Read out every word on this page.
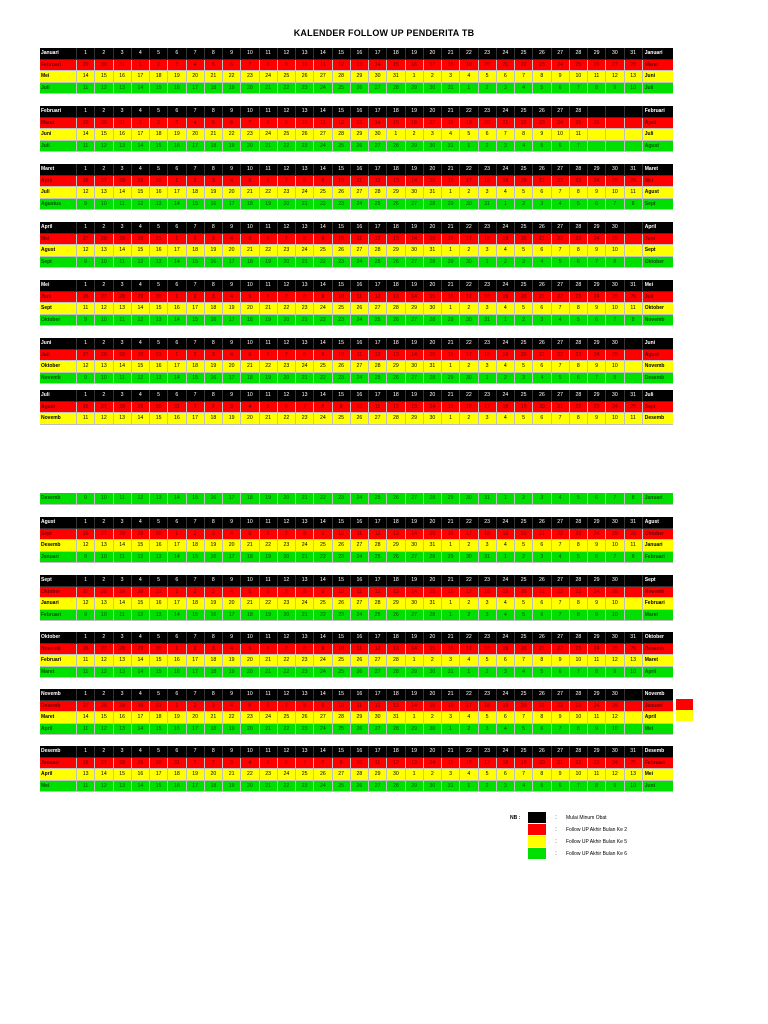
KALENDER FOLLOW UP PENDERITA TB
Januari	1	2	3	4	5	6	7	8	9	10	11	12	13	14	15	16	17	18	19	20	21	22	23	24	25	26	27	28	29	30	31	Januari
Februari	29	30	31	1	2	3	4	5	6	7	8	9	10	11	12	13	14	15	16	17	18	19	20	21	22	23	24	25	26	27	28	Maret
Mei	14	15	16	17	18	19	20	21	22	23	24	25	26	27	28	29	30	31	1	2	3	4	5	6	7	8	9	10	11	12	13	Juni
Juli	11	12	13	14	15	16	17	18	19	20	21	22	23	24	25	26	27	28	29	30	31	1	2	3	4	5	6	7	8	9	10	Juli
Februari	1	2	3	4	5	6	7	8	9	10	11	12	13	14	15	16	17	18	19	20	21	22	23	24	25	26	27	28	Februari
Maret	29	30	31	1	2	3	4	5	6	7	8	9	10	11	12	13	14	15	16	17	18	19	20	21	22	23	24	25	26	April
Juni	14	15	16	17	18	19	20	21	22	23	24	25	26	27	28	29	30	1	2	3	4	5	6	7	8	9	10	11	Juli
Juli	11	12	13	14	15	16	17	18	19	20	21	22	23	24	25	26	27	28	29	30	31	1	2	3	4	5	6	7	Agust
Maret	1	2	3	4	5	6	7	8	9	10	11	12	13	14	15	16	17	18	19	20	21	22	23	24	25	26	27	28	29	30	31	Maret
April	26	27	28	29	30	1	2	3	4	5	6	7	8	9	10	11	12	13	14	15	16	17	18	19	20	21	22	23	24	25	26	Mei
Juli	12	13	14	15	16	17	18	19	20	21	22	23	24	25	26	27	28	29	30	31	1	2	3	4	5	6	7	8	9	10	11	Agust
Agustus	9	10	11	12	13	14	15	16	17	18	19	20	21	22	23	24	25	26	27	28	29	30	31	1	2	3	4	5	6	7	8	Sept
April	1	2	3	4	5	6	7	8	9	10	11	12	13	14	15	16	17	18	19	20	21	22	23	24	25	26	27	28	29	30	April
Mei	27	28	29	30	31	1	2	3	4	5	6	7	8	9	10	11	12	13	14	15	16	17	18	19	20	21	22	23	24	25	Juni
Agust	12	13	14	15	16	17	18	19	20	21	22	23	24	25	26	27	28	29	30	31	1	2	3	4	5	6	7	8	9	10	Sept
Sept	9	10	11	12	13	14	15	16	17	18	19	20	21	22	23	24	25	26	27	28	29	30	1	2	3	4	5	6	7	8	Oktober
Mei	1	2	3	4	5	6	7	8	9	10	11	12	13	14	15	16	17	18	19	20	21	22	23	24	25	26	27	28	29	30	31	Mei
Juni	26	27	28	29	30	1	2	3	4	5	6	7	8	9	10	11	12	13	14	15	16	17	18	19	20	21	22	23	24	25	26	Juli
Sept	11	12	13	14	15	16	17	18	19	20	21	22	23	24	25	26	27	28	29	30	1	2	3	4	5	6	7	8	9	10	11	Oktober
Oktober	9	10	11	12	13	14	15	16	17	18	19	20	21	22	23	24	25	26	27	28	29	30	31	1	2	3	4	5	6	7	8	Novemb
Juni	1	2	3	4	5	6	7	8	9	10	11	12	13	14	15	16	17	18	19	20	21	22	23	24	25	26	27	28	29	30	Juni
Juli	27	28	29	30	31	1	2	3	4	5	6	7	8	9	10	11	12	13	14	15	16	17	18	19	20	21	22	23	24	25	Agust
Oktober	12	13	14	15	16	17	18	19	20	21	22	23	24	25	26	27	28	29	30	31	1	2	3	4	5	6	7	8	9	10	Novemb
Novemb	9	10	11	12	13	14	15	16	17	18	19	20	21	22	23	24	25	26	27	28	29	30	1	2	3	4	5	6	7	8	Desemb
Juli	1	2	3	4	5	6	7	8	9	10	11	12	13	14	15	16	17	18	19	20	21	22	23	24	25	26	27	28	29	30	31	Juli
Agust	26	27	28	29	30	31	1	2	3	4	5	6	7	8	9	10	11	12	13	14	15	16	17	18	19	20	21	22	23	24	25	Sept
Novemb	11	12	13	14	15	16	17	18	19	20	21	22	23	24	25	26	27	28	29	30	1	2	3	4	5	6	7	8	9	10	11	Desemb
Desemb	9	10	11	12	13	14	15	16	17	18	19	20	21	22	23	24	25	26	27	28	29	30	31	1	2	3	4	5	6	7	8	Januari
Agust	1	2	3	4	5	6	7	8	9	10	11	12	13	14	15	16	17	18	19	20	21	22	23	24	25	26	27	28	29	30	31	Agust
Sept	26	27	28	29	30	1	2	3	4	5	6	7	8	9	10	11	12	13	14	15	16	17	18	19	20	21	22	23	24	25	26	Oktober
Desemb	12	13	14	15	16	17	18	19	20	21	22	23	24	25	26	27	28	29	30	31	1	2	3	4	5	6	7	8	9	10	11	Januari
Januari	9	10	11	12	13	14	15	16	17	18	19	20	21	22	23	24	25	26	27	28	29	30	31	1	2	3	4	5	6	7	8	Februari
Sept	1	2	3	4	5	6	7	8	9	10	11	12	13	14	15	16	17	18	19	20	21	22	23	24	25	26	27	28	29	30	Sept
Oktober	27	28	29	30	31	1	2	3	4	5	6	7	8	9	10	11	12	13	14	15	16	17	18	19	20	21	22	23	24	25	Novemb
Januari	12	13	14	15	16	17	18	19	20	21	22	23	24	25	26	27	28	29	30	31	1	2	3	4	5	6	7	8	9	10	Februari
Februari	9	10	11	12	13	14	15	16	17	18	19	20	21	22	23	24	25	26	27	28	1	2	3	4	5	6	7	8	9	10	Maret
Oktober	1	2	3	4	5	6	7	8	9	10	11	12	13	14	15	16	17	18	19	20	21	22	23	24	25	26	27	28	29	30	31	Oktober
Novemb	26	27	28	29	30	1	2	3	4	5	6	7	8	9	10	11	12	13	14	15	16	17	18	19	20	21	22	23	24	25	26	Desemb
Februari	11	12	13	14	15	16	17	18	19	20	21	22	23	24	25	26	27	28	1	2	3	4	5	6	7	8	9	10	11	12	13	Maret
Maret	11	12	13	14	15	16	17	18	19	20	21	22	23	24	25	26	27	28	29	30	31	1	2	3	4	5	6	7	8	9	10	April
Novemb	1	2	3	4	5	6	7	8	9	10	11	12	13	14	15	16	17	18	19	20	21	22	23	24	25	26	27	28	29	30	Novemb
Desemb	27	28	29	30	31	1	2	3	4	5	6	7	8	9	10	11	12	13	14	15	16	17	18	19	20	21	22	23	24	25	Januari
Maret	14	15	16	17	18	19	20	21	22	23	24	25	26	27	28	29	30	31	1	2	3	4	5	6	7	8	9	10	11	12	April
April	11	12	13	14	15	16	17	18	19	20	21	22	23	24	25	26	27	28	29	30	1	2	3	4	5	6	7	8	9	10	Mei
Desemb	1	2	3	4	5	6	7	8	9	10	11	12	13	14	15	16	17	18	19	20	21	22	23	24	25	26	27	28	29	30	31	Desemb
Januari	26	27	28	29	30	31	1	2	3	4	5	6	7	8	9	10	11	12	13	14	15	16	17	18	19	20	21	22	23	24	25	Februari
April	13	14	15	16	17	18	19	20	21	22	23	24	25	26	27	28	29	30	1	2	3	4	5	6	7	8	9	10	11	12	13	Mei
Mei	11	12	13	14	15	16	17	18	19	20	21	22	23	24	25	26	27	28	29	30	31	1	2	3	4	5	6	7	8	9	10	Juni
NB :	:	Mulai Minum Obat
:	Follow UP Akhir Bulan Ke 2
:	Follow UP Akhir Bulan Ke 5
:	Follow UP Akhir Bulan Ke 6
